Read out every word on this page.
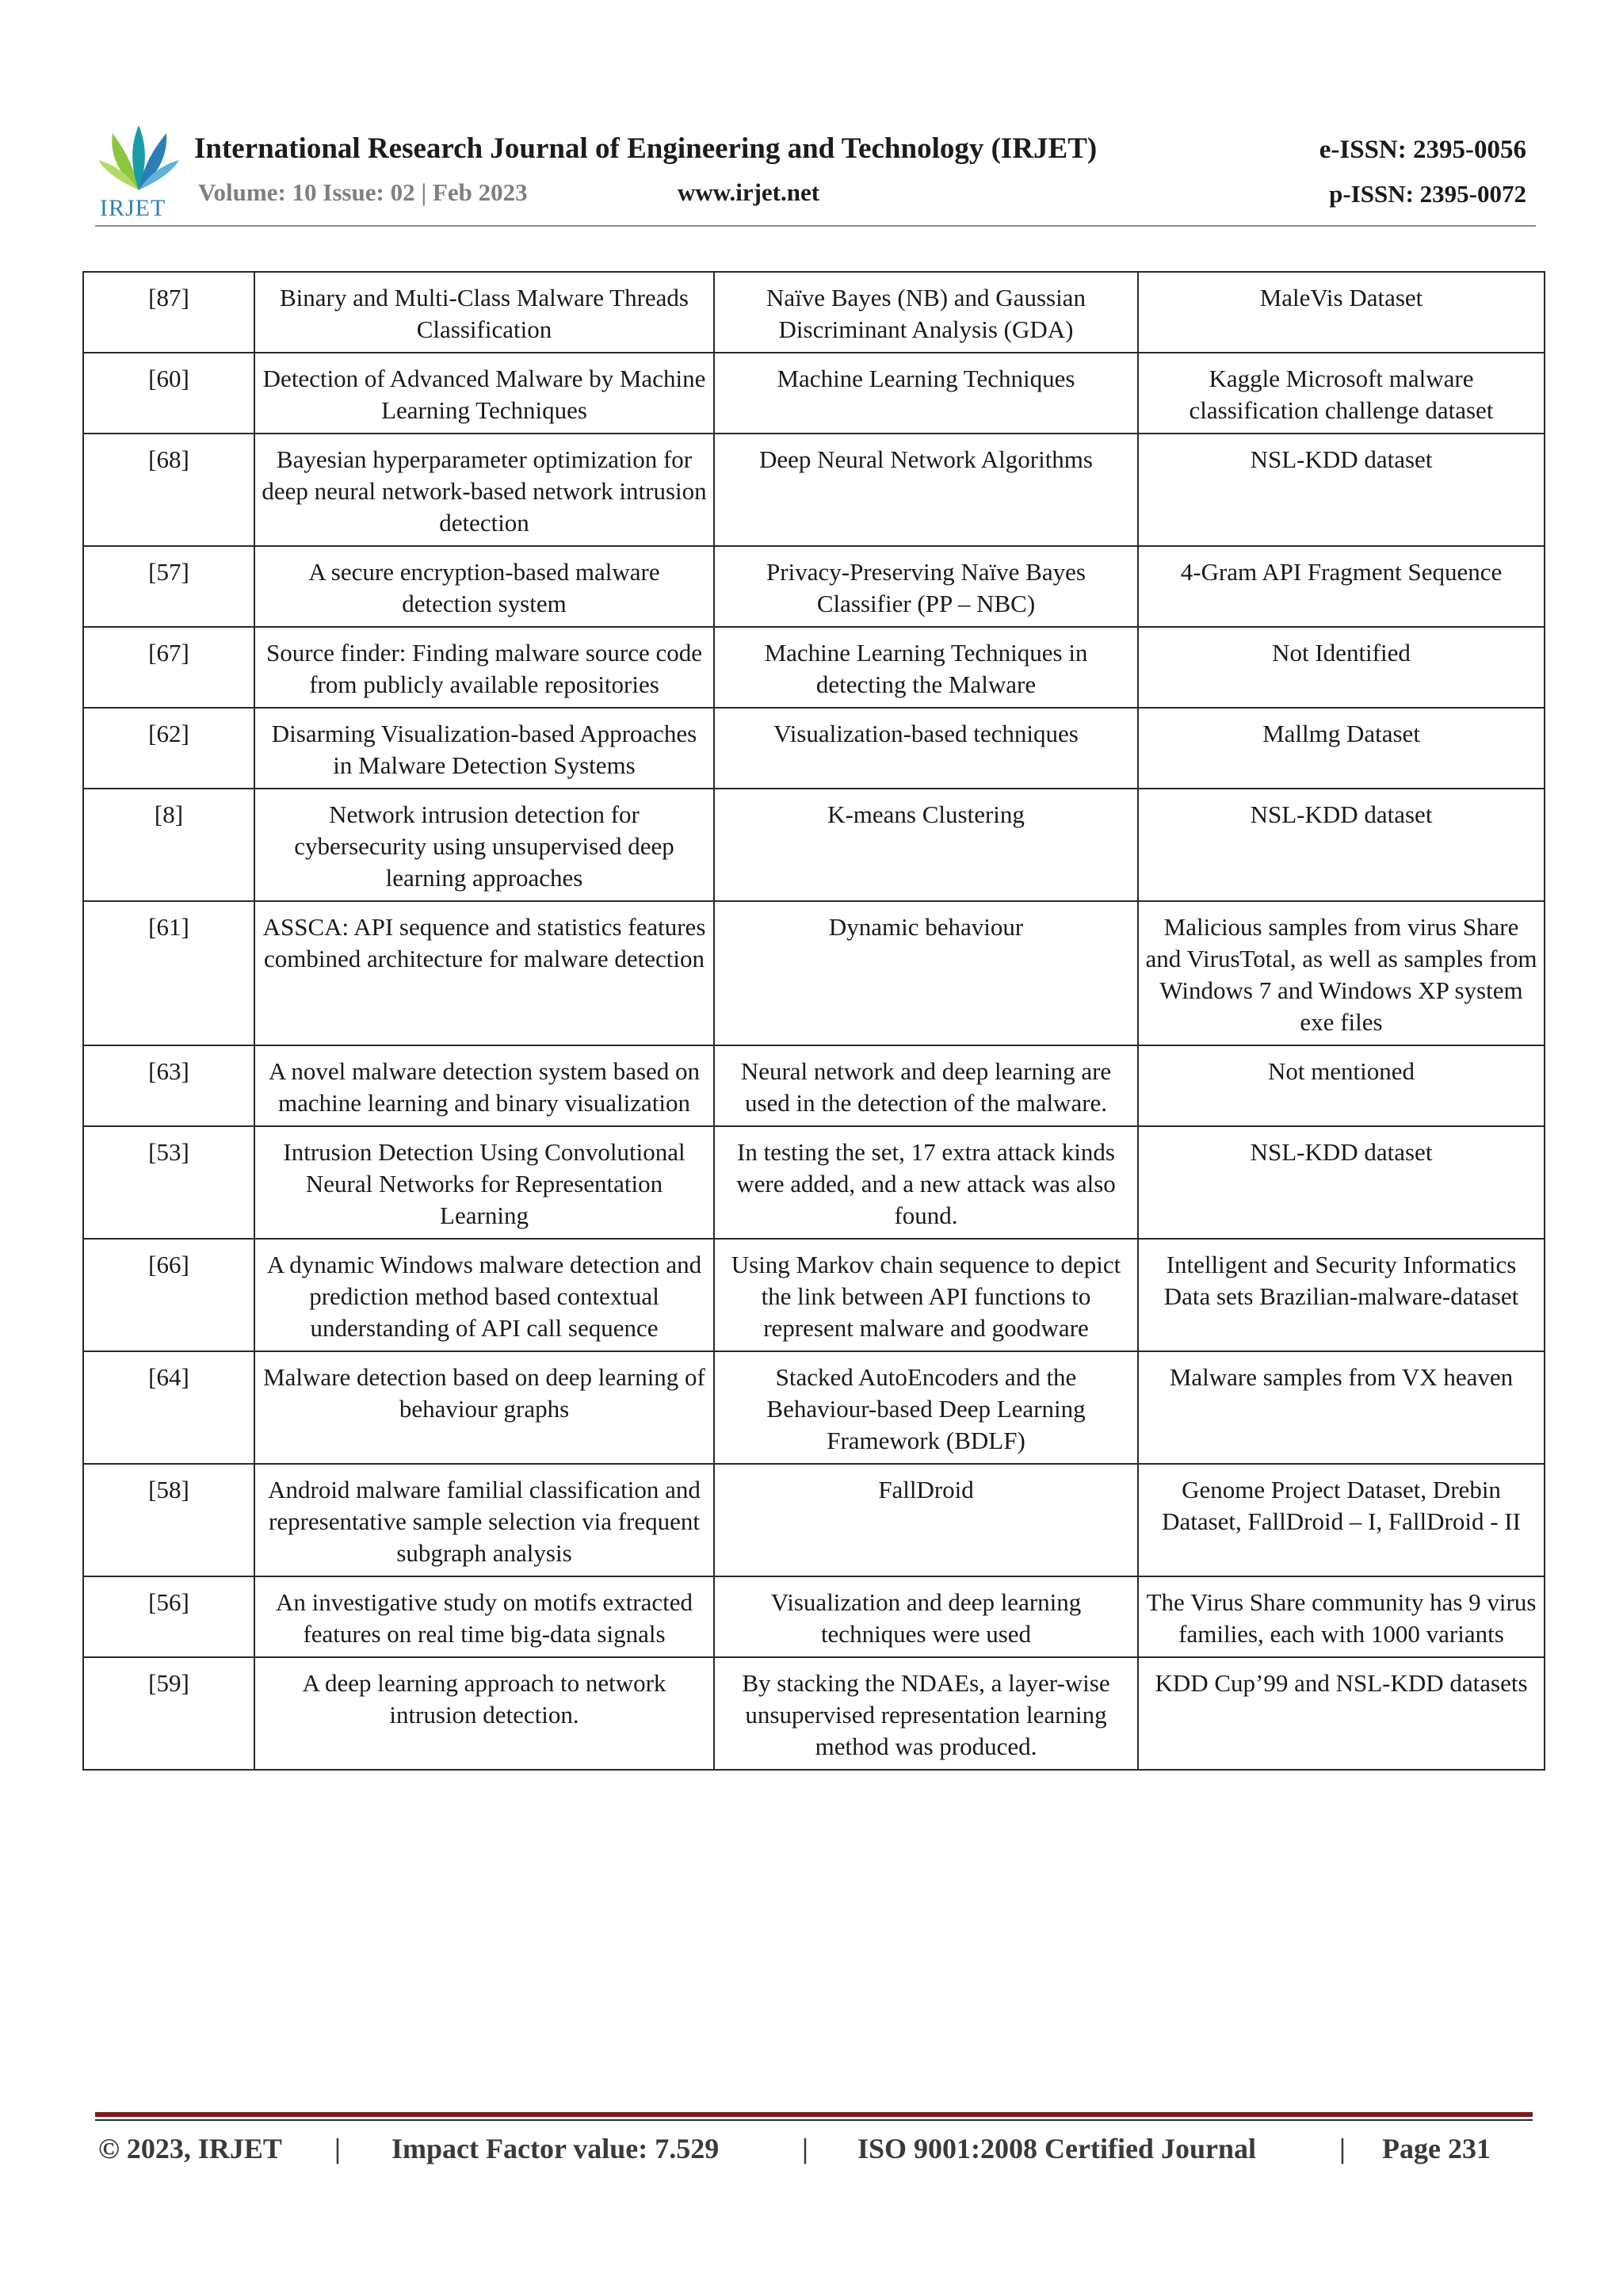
IRJET
International Research Journal of Engineering and Technology (IRJET)	e-ISSN: 2395-0056
Volume: 10 Issue: 02 | Feb 2023	www.irjet.net	p-ISSN: 2395-0072
[87]	Binary and Multi-Class Malware Threads Classification	Naïve Bayes (NB) and Gaussian Discriminant Analysis (GDA)	MaleVis Dataset
[60]	Detection of Advanced Malware by Machine Learning Techniques	Machine Learning Techniques	Kaggle Microsoft malware classification challenge dataset
[68]	Bayesian hyperparameter optimization for deep neural network-based network intrusion detection	Deep Neural Network Algorithms	NSL-KDD dataset
[57]	A secure encryption-based malware detection system	Privacy-Preserving Naïve Bayes Classifier (PP – NBC)	4-Gram API Fragment Sequence
[67]	Source finder: Finding malware source code from publicly available repositories	Machine Learning Techniques in detecting the Malware	Not Identified
[62]	Disarming Visualization-based Approaches in Malware Detection Systems	Visualization-based techniques	Mallmg Dataset
[8]	Network intrusion detection for cybersecurity using unsupervised deep learning approaches	K-means Clustering	NSL-KDD dataset
[61]	ASSCA: API sequence and statistics features combined architecture for malware detection	Dynamic behaviour	Malicious samples from virus Share and VirusTotal, as well as samples from Windows 7 and Windows XP system exe files
[63]	A novel malware detection system based on machine learning and binary visualization	Neural network and deep learning are used in the detection of the malware.	Not mentioned
[53]	Intrusion Detection Using Convolutional Neural Networks for Representation Learning	In testing the set, 17 extra attack kinds were added, and a new attack was also found.	NSL-KDD dataset
[66]	A dynamic Windows malware detection and prediction method based contextual understanding of API call sequence	Using Markov chain sequence to depict the link between API functions to represent malware and goodware	Intelligent and Security Informatics Data sets Brazilian-malware-dataset
[64]	Malware detection based on deep learning of behaviour graphs	Stacked AutoEncoders and the Behaviour-based Deep Learning Framework (BDLF)	Malware samples from VX heaven
[58]	Android malware familial classification and representative sample selection via frequent subgraph analysis	FallDroid	Genome Project Dataset, Drebin Dataset, FallDroid – I, FallDroid - II
[56]	An investigative study on motifs extracted features on real time big-data signals	Visualization and deep learning techniques were used	The Virus Share community has 9 virus families, each with 1000 variants
[59]	A deep learning approach to network intrusion detection.	By stacking the NDAEs, a layer-wise unsupervised representation learning method was produced.	KDD Cup’99 and NSL-KDD datasets
© 2023, IRJET | Impact Factor value: 7.529	| ISO 9001:2008 Certified Journal	| Page 231
